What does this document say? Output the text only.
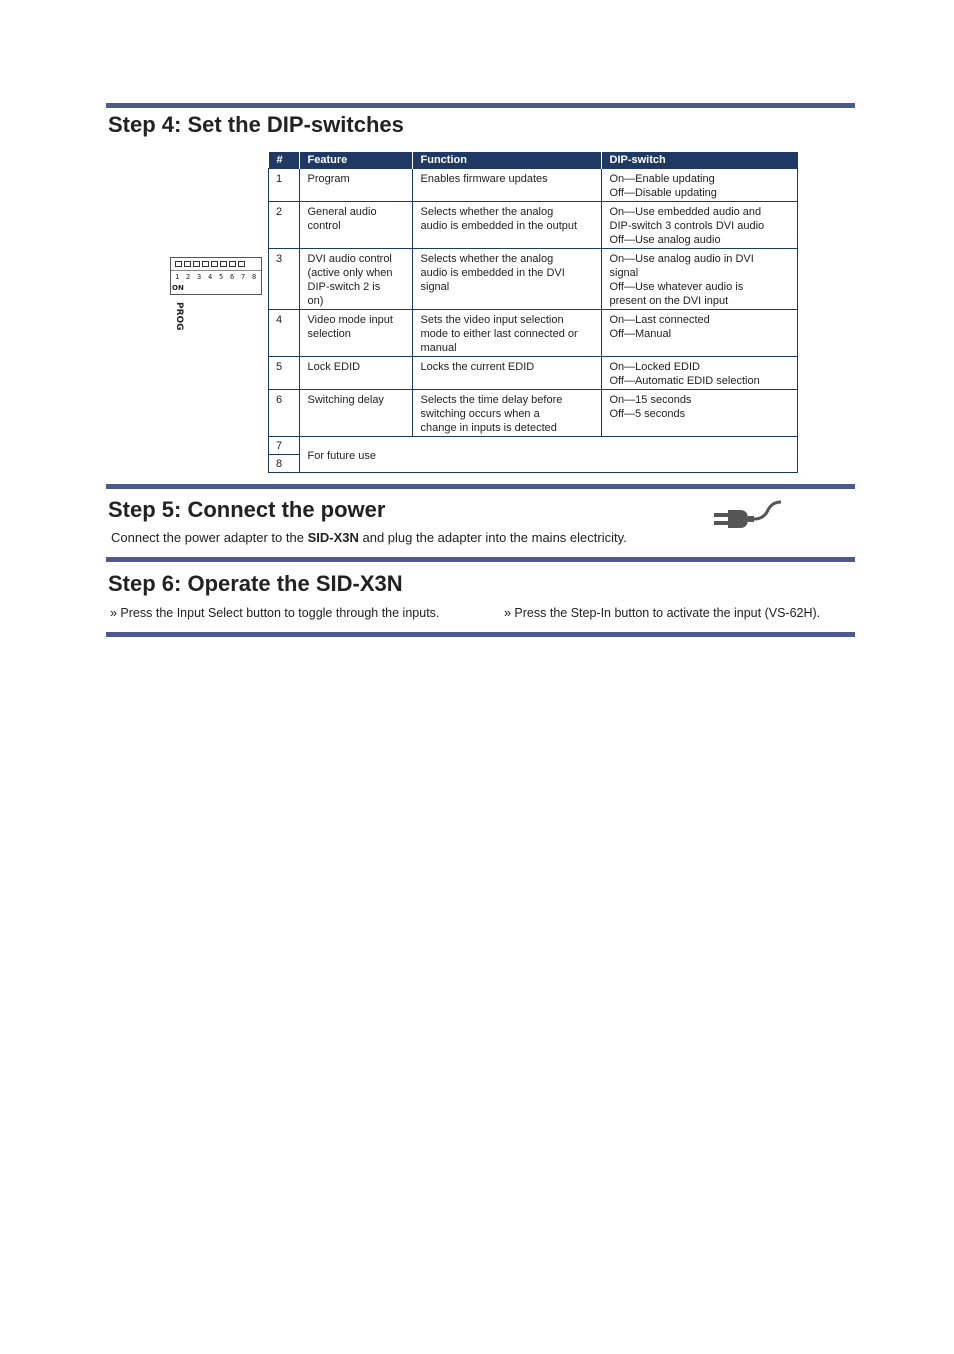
Step 4: Set the DIP-switches
1 2 3 4 5 6 7 8
ON
PROG
#	Feature	Function	DIP-switch
1	Program	Enables firmware updates	On—Enable updating
Off—Disable updating

2	General audio
control	Selects whether the analog
audio is embedded in the output	On—Use embedded audio and
DIP-switch 3 controls DVI audio
Off—Use analog audio

3	DVI audio control
(active only when
DIP-switch 2 is
on)	Selects whether the analog
audio is embedded in the DVI
signal	On—Use analog audio in DVI
signal
Off—Use whatever audio is
present on the DVI input

4	Video mode input
selection	Sets the video input selection
mode to either last connected or
manual	On—Last connected
Off—Manual

5	Lock EDID	Locks the current EDID	On—Locked EDID
Off—Automatic EDID selection

6	Switching delay	Selects the time delay before
switching occurs when a
change in inputs is detected	On—15 seconds
Off—5 seconds

7	For future use		
8			
Step 5: Connect the power
Connect the power adapter to the SID-X3N and plug the adapter into the mains electricity.
Step 6: Operate the SID-X3N
» Press the Input Select button to toggle through the inputs.	» Press the Step-In button to activate the input (VS-62H).
